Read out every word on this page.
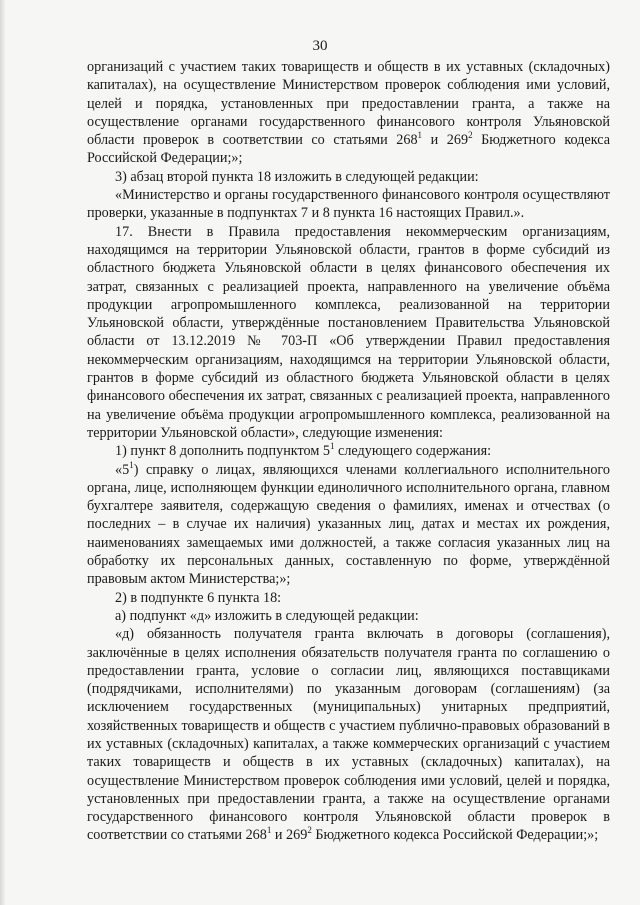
30

организаций с участием таких товариществ и обществ в их уставных (складочных) капиталах), на осуществление Министерством проверок соблюдения ими условий, целей и порядка, установленных при предоставлении гранта, а также на осуществление органами государственного финансового контроля Ульяновской области проверок в соответствии со статьями $268^1$ и $269^2$ Бюджетного кодекса Российской Федерации;»;

3) абзац второй пункта 18 изложить в следующей редакции:

«Министерство и органы государственного финансового контроля осуществляют проверки, указанные в подпунктах 7 и 8 пункта 16 настоящих Правил.».

17. Внести в Правила предоставления некоммерческим организациям, находящимся на территории Ульяновской области, грантов в форме субсидий из областного бюджета Ульяновской области в целях финансового обеспечения их затрат, связанных с реализацией проекта, направленного на увеличение объёма продукции агропромышленного комплекса, реализованной на территории Ульяновской области, утверждённые постановлением Правительства Ульяновской области от 13.12.2019 № 703-П «Об утверждении Правил предоставления некоммерческим организациям, находящимся на территории Ульяновской области, грантов в форме субсидий из областного бюджета Ульяновской области в целях финансового обеспечения их затрат, связанных с реализацией проекта, направленного на увеличение объёма продукции агропромышленного комплекса, реализованной на территории Ульяновской области», следующие изменения:

1) пункт 8 дополнить подпунктом $5^1$ следующего содержания:

«$5^1$) справку о лицах, являющихся членами коллегиального исполнительного органа, лице, исполняющем функции единоличного исполнительного органа, главном бухгалтере заявителя, содержащую сведения о фамилиях, именах и отчествах (о последних – в случае их наличия) указанных лиц, датах и местах их рождения, наименованиях замещаемых ими должностей, а также согласия указанных лиц на обработку их персональных данных, составленную по форме, утверждённой правовым актом Министерства;»;

2) в подпункте 6 пункта 18:

а) подпункт «д» изложить в следующей редакции:

«д) обязанность получателя гранта включать в договоры (соглашения), заключённые в целях исполнения обязательств получателя гранта по соглашению о предоставлении гранта, условие о согласии лиц, являющихся поставщиками (подрядчиками, исполнителями) по указанным договорам (соглашениям) (за исключением государственных (муниципальных) унитарных предприятий, хозяйственных товариществ и обществ с участием публично-правовых образований в их уставных (складочных) капиталах, а также коммерческих организаций с участием таких товариществ и обществ в их уставных (складочных) капиталах), на осуществление Министерством проверок соблюдения ими условий, целей и порядка, установленных при предоставлении гранта, а также на осуществление органами государственного финансового контроля Ульяновской области проверок в соответствии со статьями $268^1$ и $269^2$ Бюджетного кодекса Российской Федерации;»;
